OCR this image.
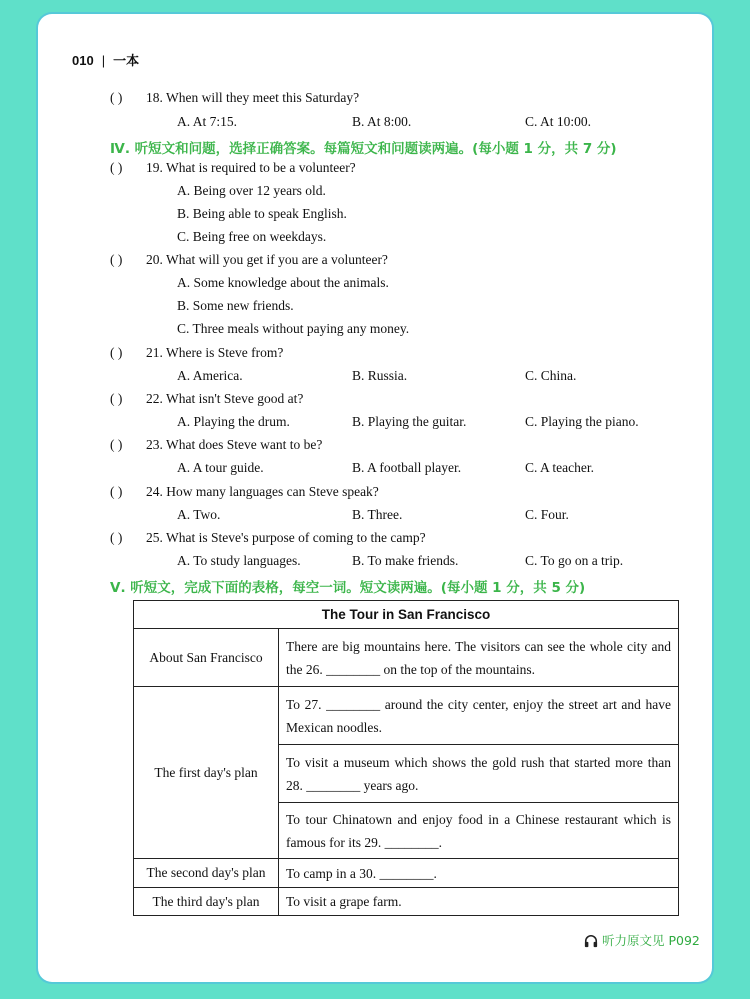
010 | 一本
( ) 18. When will they meet this Saturday?
A. At 7:15.	B. At 8:00.	C. At 10:00.
Ⅳ. 听短文和问题，选择正确答案。每篇短文和问题读两遍。(每小题 1 分，共 7 分)
( ) 19. What is required to be a volunteer?
A. Being over 12 years old.
B. Being able to speak English.
C. Being free on weekdays.
( ) 20. What will you get if you are a volunteer?
A. Some knowledge about the animals.
B. Some new friends.
C. Three meals without paying any money.
( ) 21. Where is Steve from?
A. America.	B. Russia.	C. China.
( ) 22. What isn't Steve good at?
A. Playing the drum.	B. Playing the guitar.	C. Playing the piano.
( ) 23. What does Steve want to be?
A. A tour guide.	B. A football player.	C. A teacher.
( ) 24. How many languages can Steve speak?
A. Two.	B. Three.	C. Four.
( ) 25. What is Steve's purpose of coming to the camp?
A. To study languages.	B. To make friends.	C. To go on a trip.
Ⅴ. 听短文，完成下面的表格，每空一词。短文读两遍。(每小题 1 分，共 5 分)
The Tour in San Francisco	
About San Francisco	There are big mountains here. The visitors can see the whole city and the 26. ________ on the top of the mountains.
The first day's plan	To 27. ________ around the city center, enjoy the street art and have Mexican noodles.
	To visit a museum which shows the gold rush that started more than 28. ________ years ago.
	To tour Chinatown and enjoy food in a Chinese restaurant which is famous for its 29. ________.
The second day's plan	To camp in a 30. ________.
The third day's plan	To visit a grape farm.
听力原文见 P092
